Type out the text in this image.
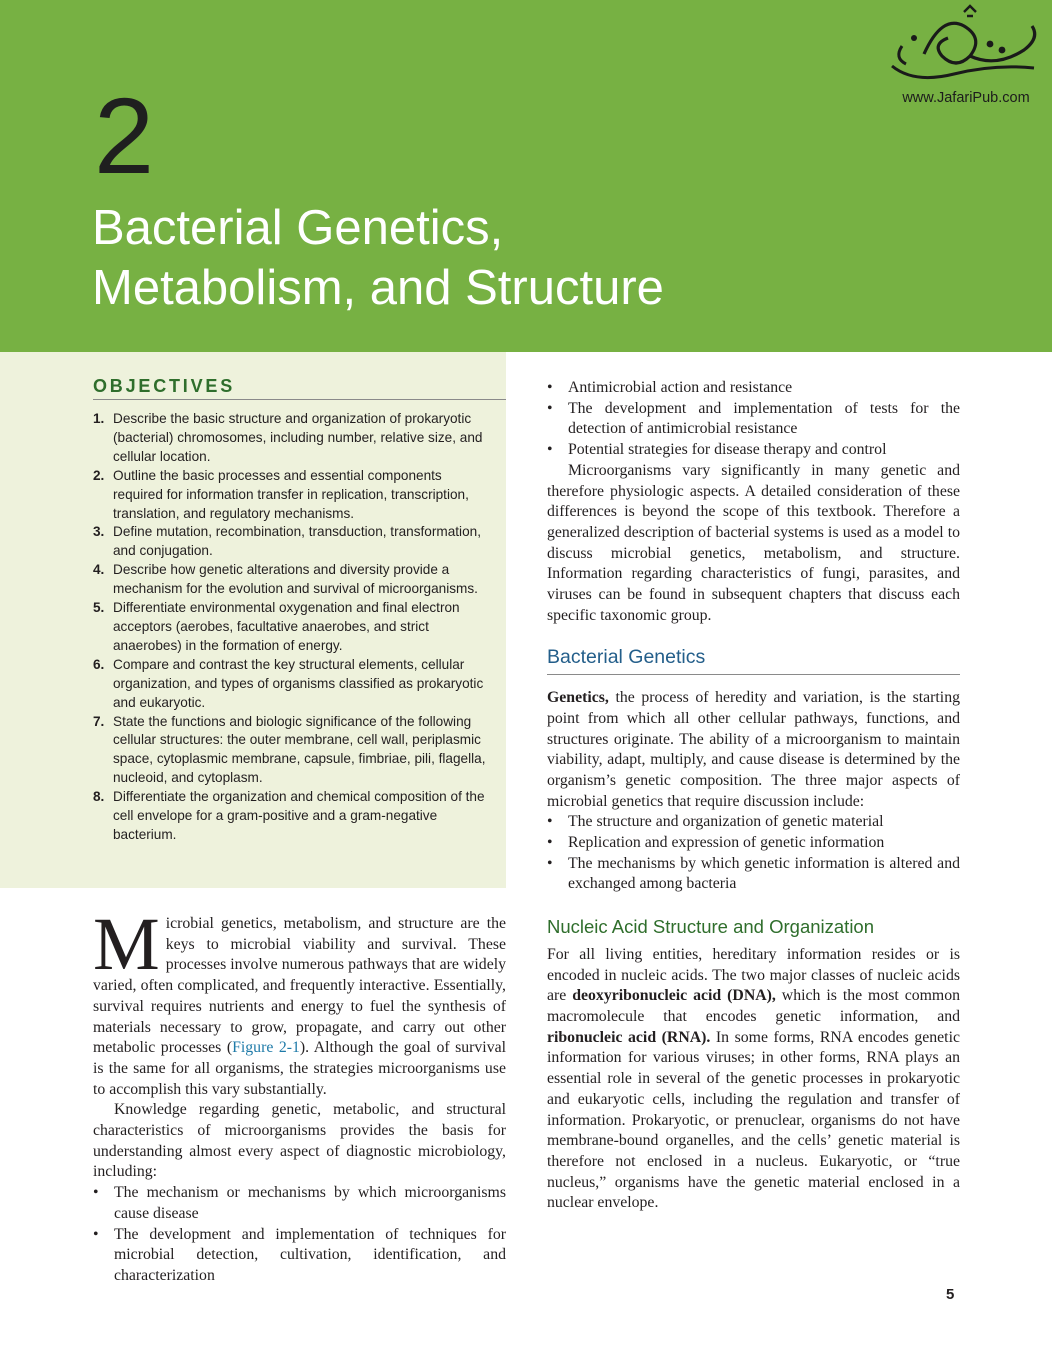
2
Bacterial Genetics,
Metabolism, and Structure
www.JafariPub.com
OBJECTIVES
1. Describe the basic structure and organization of prokaryotic (bacterial) chromosomes, including number, relative size, and cellular location.
2. Outline the basic processes and essential components required for information transfer in replication, transcription, translation, and regulatory mechanisms.
3. Define mutation, recombination, transduction, transformation, and conjugation.
4. Describe how genetic alterations and diversity provide a mechanism for the evolution and survival of microorganisms.
5. Differentiate environmental oxygenation and final electron acceptors (aerobes, facultative anaerobes, and strict anaerobes) in the formation of energy.
6. Compare and contrast the key structural elements, cellular organization, and types of organisms classified as prokaryotic and eukaryotic.
7. State the functions and biologic significance of the following cellular structures: the outer membrane, cell wall, periplasmic space, cytoplasmic membrane, capsule, fimbriae, pili, flagella, nucleoid, and cytoplasm.
8. Differentiate the organization and chemical composition of the cell envelope for a gram-positive and a gram-negative bacterium.

Microbial genetics, metabolism, and structure are the keys to microbial viability and survival. These processes involve numerous pathways that are widely varied, often complicated, and frequently interactive. Essentially, survival requires nutrients and energy to fuel the synthesis of materials necessary to grow, propagate, and carry out other metabolic processes (Figure 2-1). Although the goal of survival is the same for all organisms, the strategies microorganisms use to accomplish this vary substantially.

Knowledge regarding genetic, metabolic, and structural characteristics of microorganisms provides the basis for understanding almost every aspect of diagnostic microbiology, including:

• The mechanism or mechanisms by which microorganisms cause disease
• The development and implementation of techniques for microbial detection, cultivation, identification, and characterization
• Antimicrobial action and resistance
• The development and implementation of tests for the detection of antimicrobial resistance
• Potential strategies for disease therapy and control

Microorganisms vary significantly in many genetic and therefore physiologic aspects. A detailed consideration of these differences is beyond the scope of this textbook. Therefore a generalized description of bacterial systems is used as a model to discuss microbial genetics, metabolism, and structure. Information regarding characteristics of fungi, parasites, and viruses can be found in subsequent chapters that discuss each specific taxonomic group.

Bacterial Genetics

Genetics, the process of heredity and variation, is the starting point from which all other cellular pathways, functions, and structures originate. The ability of a microorganism to maintain viability, adapt, multiply, and cause disease is determined by the organism’s genetic composition. The three major aspects of microbial genetics that require discussion include:

• The structure and organization of genetic material
• Replication and expression of genetic information
• The mechanisms by which genetic information is altered and exchanged among bacteria
Nucleic Acid Structure and Organization

For all living entities, hereditary information resides or is encoded in nucleic acids. The two major classes of nucleic acids are deoxyribonucleic acid (DNA), which is the most common macromolecule that encodes genetic information, and ribonucleic acid (RNA). In some forms, RNA encodes genetic information for various viruses; in other forms, RNA plays an essential role in several of the genetic processes in prokaryotic and eukaryotic cells, including the regulation and transfer of information. Prokaryotic, or prenuclear, organisms do not have membrane-bound organelles, and the cells’ genetic material is therefore not enclosed in a nucleus. Eukaryotic, or “true nucleus,” organisms have the genetic material enclosed in a nuclear envelope.

5
